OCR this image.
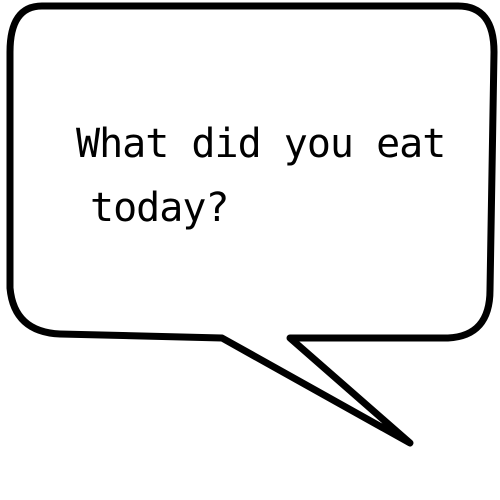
What did you eat
today?
